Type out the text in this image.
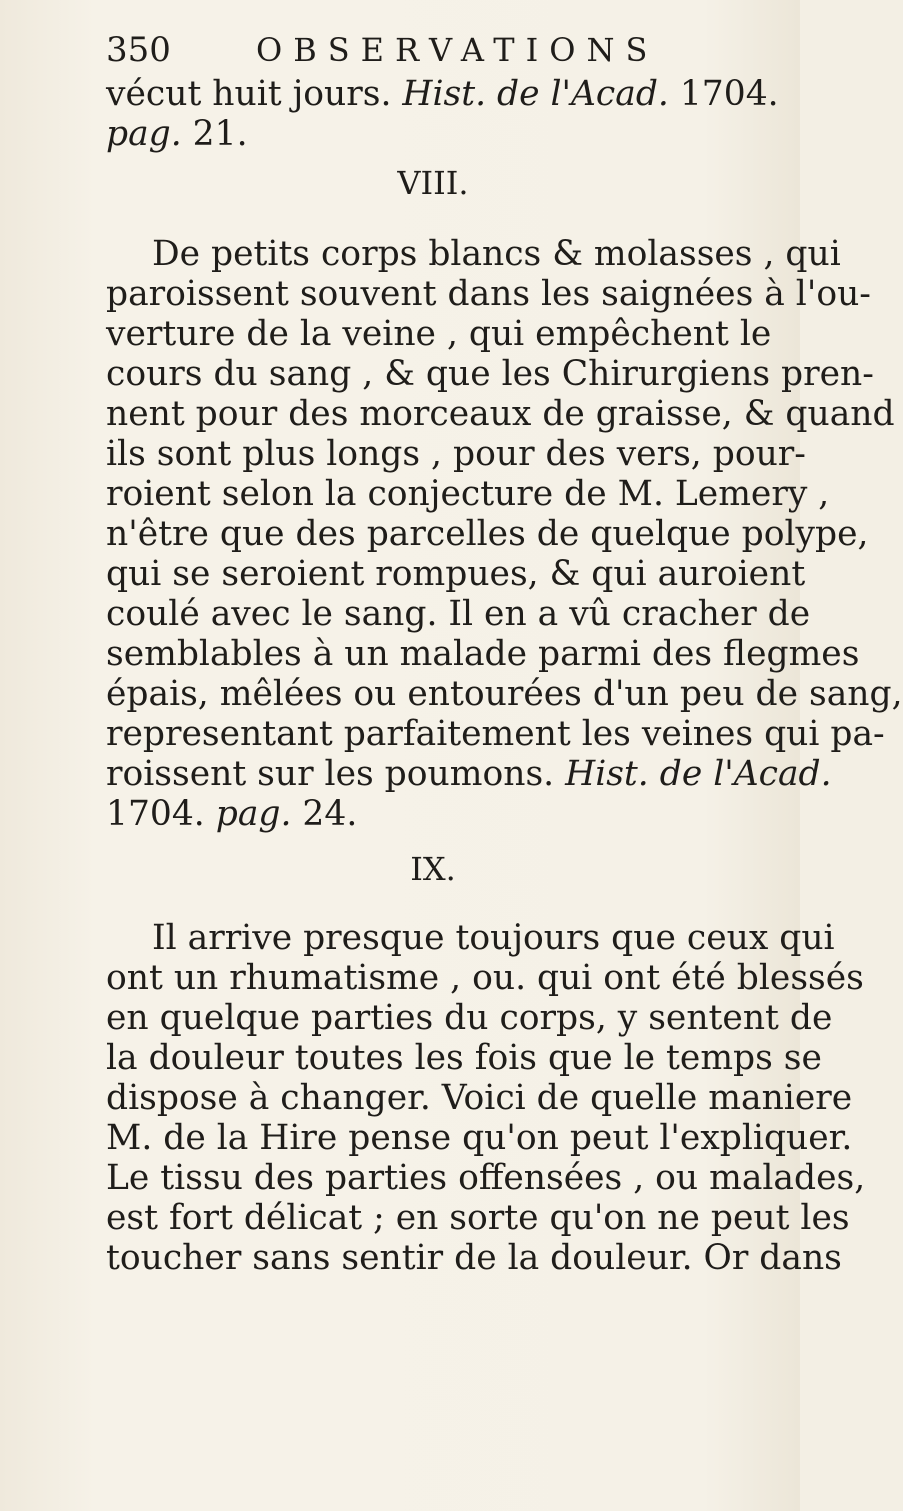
350	OBSERVATIONS
vécut huit jours. Hist. de l'Acad. 1704.
pag. 21.
VIII.
De petits corps blancs & molasses , qui
paroissent souvent dans les saignées à l'ou-
verture de la veine , qui empêchent le
cours du sang , & que les Chirurgiens pren-
nent pour des morceaux de graisse, & quand
ils sont plus longs , pour des vers, pour-
roient selon la conjecture de M. Lemery ,
n'être que des parcelles de quelque polype,
qui se seroient rompues, & qui auroient
coulé avec le sang. Il en a vû cracher de
semblables à un malade parmi des flegmes
épais, mêlées ou entourées d'un peu de sang,
representant parfaitement les veines qui pa-
roissent sur les poumons. Hist. de l'Acad.
1704. pag. 24.
IX.
Il arrive presque toujours que ceux qui
ont un rhumatisme , ou. qui ont été blessés
en quelque parties du corps, y sentent de
la douleur toutes les fois que le temps se
dispose à changer. Voici de quelle maniere
M. de la Hire pense qu'on peut l'expliquer.
Le tissu des parties offensées , ou malades,
est fort délicat ; en sorte qu'on ne peut les
toucher sans sentir de la douleur. Or dans
